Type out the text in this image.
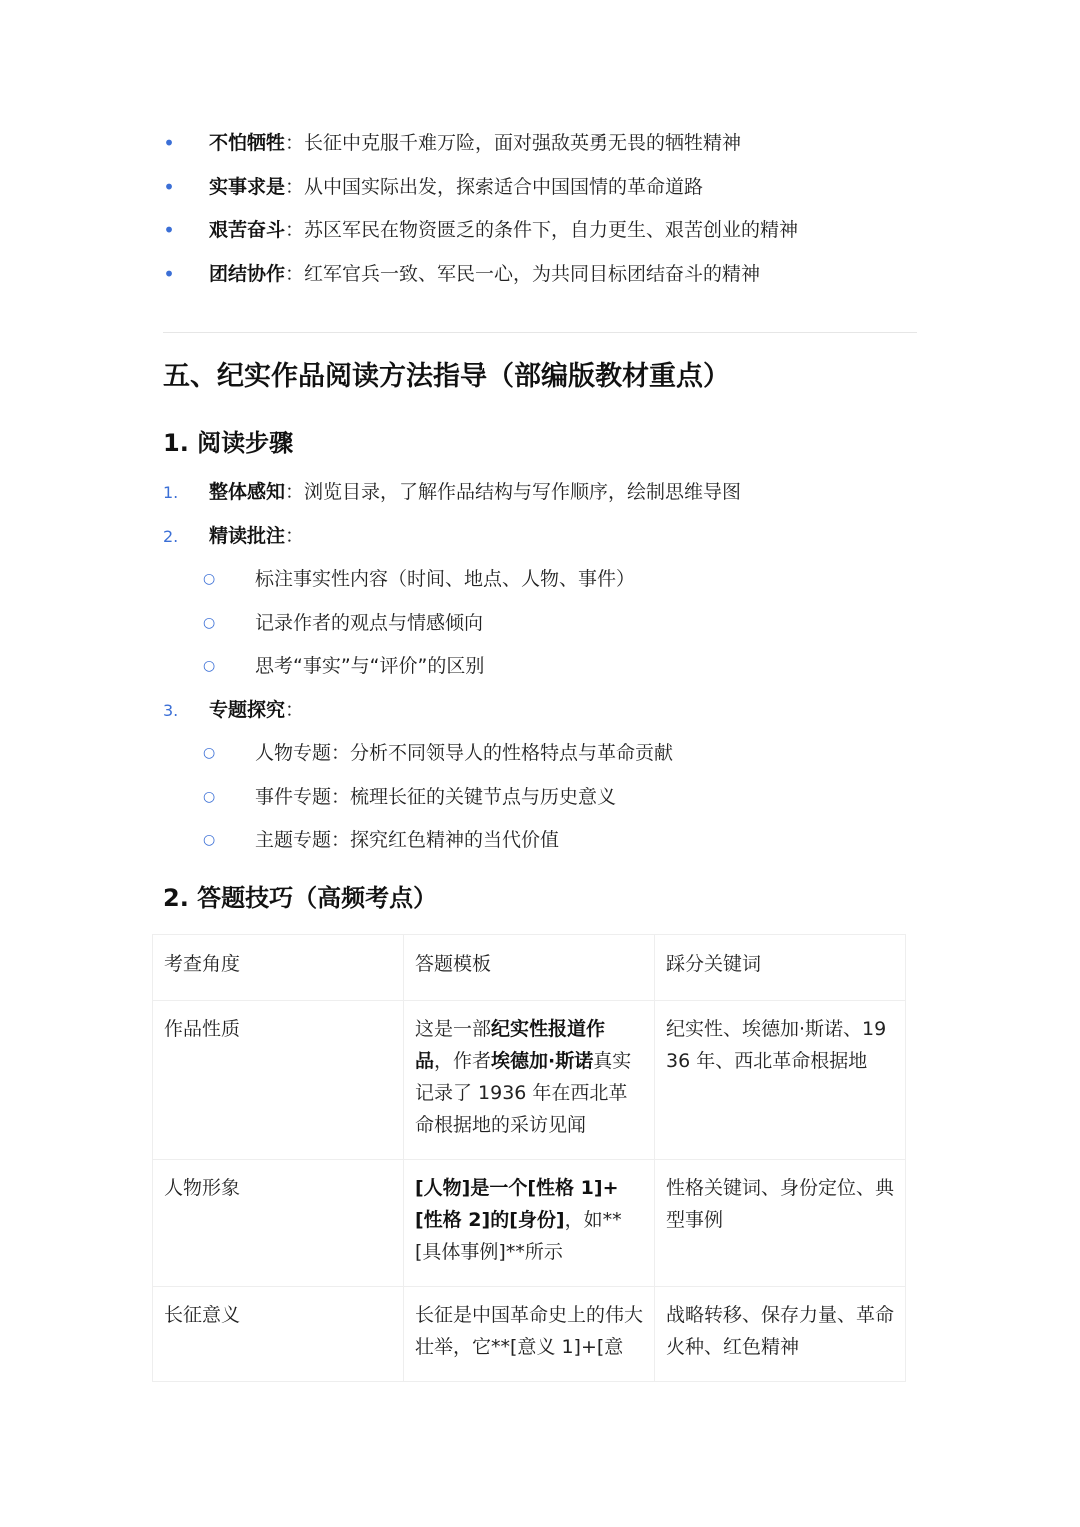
• 不怕牺牲：长征中克服千难万险，面对强敌英勇无畏的牺牲精神
• 实事求是：从中国实际出发，探索适合中国国情的革命道路
• 艰苦奋斗：苏区军民在物资匮乏的条件下，自力更生、艰苦创业的精神
• 团结协作：红军官兵一致、军民一心，为共同目标团结奋斗的精神
五、纪实作品阅读方法指导（部编版教材重点）
1. 阅读步骤
1. 整体感知：浏览目录，了解作品结构与写作顺序，绘制思维导图
2. 精读批注：
○ 标注事实性内容（时间、地点、人物、事件）
○ 记录作者的观点与情感倾向
○ 思考“事实”与“评价”的区别
3. 专题探究：
○ 人物专题：分析不同领导人的性格特点与革命贡献
○ 事件专题：梳理长征的关键节点与历史意义
○ 主题专题：探究红色精神的当代价值
2. 答题技巧（高频考点）
考查角度	答题模板	踩分关键词
作品性质	这是一部纪实性报道作品，作者埃德加·斯诺真实记录了 1936 年在西北革命根据地的采访见闻	纪实性、埃德加·斯诺、1936 年、西北革命根据地
人物形象	[人物]是一个[性格 1]+[性格 2]的[身份]，如**[具体事例]**所示	性格关键词、身份定位、典型事例
长征意义	长征是中国革命史上的伟大壮举，它**[意义 1]+[意	战略转移、保存力量、革命火种、红色精神
